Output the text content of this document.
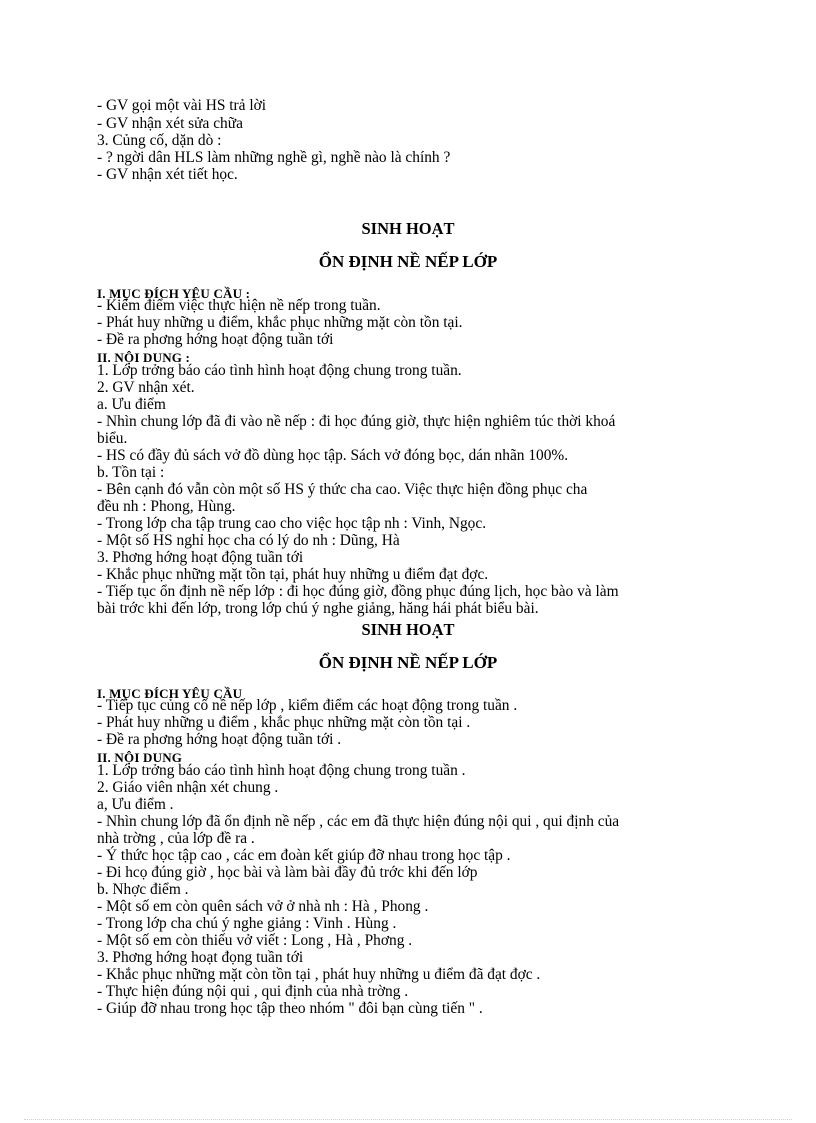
- GV gọi một vài HS trả lời
- GV nhận xét sửa chữa
3. Củng cố, dặn dò :
- ? ngời dân HLS làm những nghề gì, nghề nào là chính ?
- GV nhận xét tiết học.
SINH HOẠT
ỔN ĐỊNH NỀ NẾP LỚP
I. MỤC ĐÍCH YÊU CẦU :
- Kiểm điểm việc thực hiện nề nếp trong tuần.
- Phát huy những u điểm, khắc phục những mặt còn tồn tại.
- Đề ra phơng hớng hoạt động tuần tới
II. NỘI DUNG :
1. Lớp trởng báo cáo tình hình hoạt động chung trong tuần.
2. GV nhận xét.
a. Ưu điểm
- Nhìn chung lớp đã đi vào nề nếp : đi học đúng giờ, thực hiện nghiêm túc thời khoá
biểu.
- HS có đầy đủ sách vở đồ dùng học tập. Sách vở đóng bọc, dán nhãn 100%.
b. Tồn tại :
- Bên cạnh đó vẫn còn một số HS ý thức cha cao. Việc thực hiện đồng phục cha
đều nh : Phong, Hùng.
- Trong lớp cha tập trung cao cho việc học tập nh : Vinh, Ngọc.
- Một số HS nghỉ học cha có lý do nh : Dũng, Hà
3. Phơng hớng hoạt động tuần tới
- Khắc phục những mặt tồn tại, phát huy những u điểm đạt đợc.
- Tiếp tục ổn định nề nếp lớp : đi học đúng giờ, đồng phục đúng lịch, học bào và làm
bài trớc khi đến lớp, trong lớp chú ý nghe giảng, hăng hái phát biểu bài.
SINH HOẠT
ỔN ĐỊNH NỀ NẾP LỚP
I. MỤC ĐÍCH YÊU CẦU
- Tiếp tục củng cố nề nếp lớp , kiểm điểm các hoạt động trong tuần .
- Phát huy những u điểm , khắc phục những mặt còn tồn tại .
- Đề ra phơng hớng hoạt động tuần tới .
II. NỘI DUNG
1. Lớp trởng báo cáo tình hình hoạt động chung trong tuần .
2. Giáo viên nhận xét chung .
a, Ưu điểm .
- Nhìn chung lớp đã ổn định nề nếp , các em đã thực hiện đúng nội qui , qui định của
nhà trờng , của lớp đề ra .
- Ý thức học tập cao , các em đoàn kết giúp đỡ nhau trong học tập .
- Đi hcọ đúng giờ , học bài và làm bài đầy đủ trớc khi đến lớp
b. Nhợc điểm .
- Một số em còn quên sách vở ở nhà nh : Hà , Phong .
- Trong lớp cha chú ý nghe giảng : Vinh . Hùng .
- Một số em còn thiếu vở viết : Long , Hà , Phơng .
3. Phơng hớng hoạt đọng tuần tới
- Khắc phục những mặt còn tồn tại , phát huy những u điểm đã đạt đợc .
- Thực hiện đúng nội qui , qui định của nhà trờng .
- Giúp đỡ nhau trong học tập theo nhóm " đôi bạn cùng tiến " .
